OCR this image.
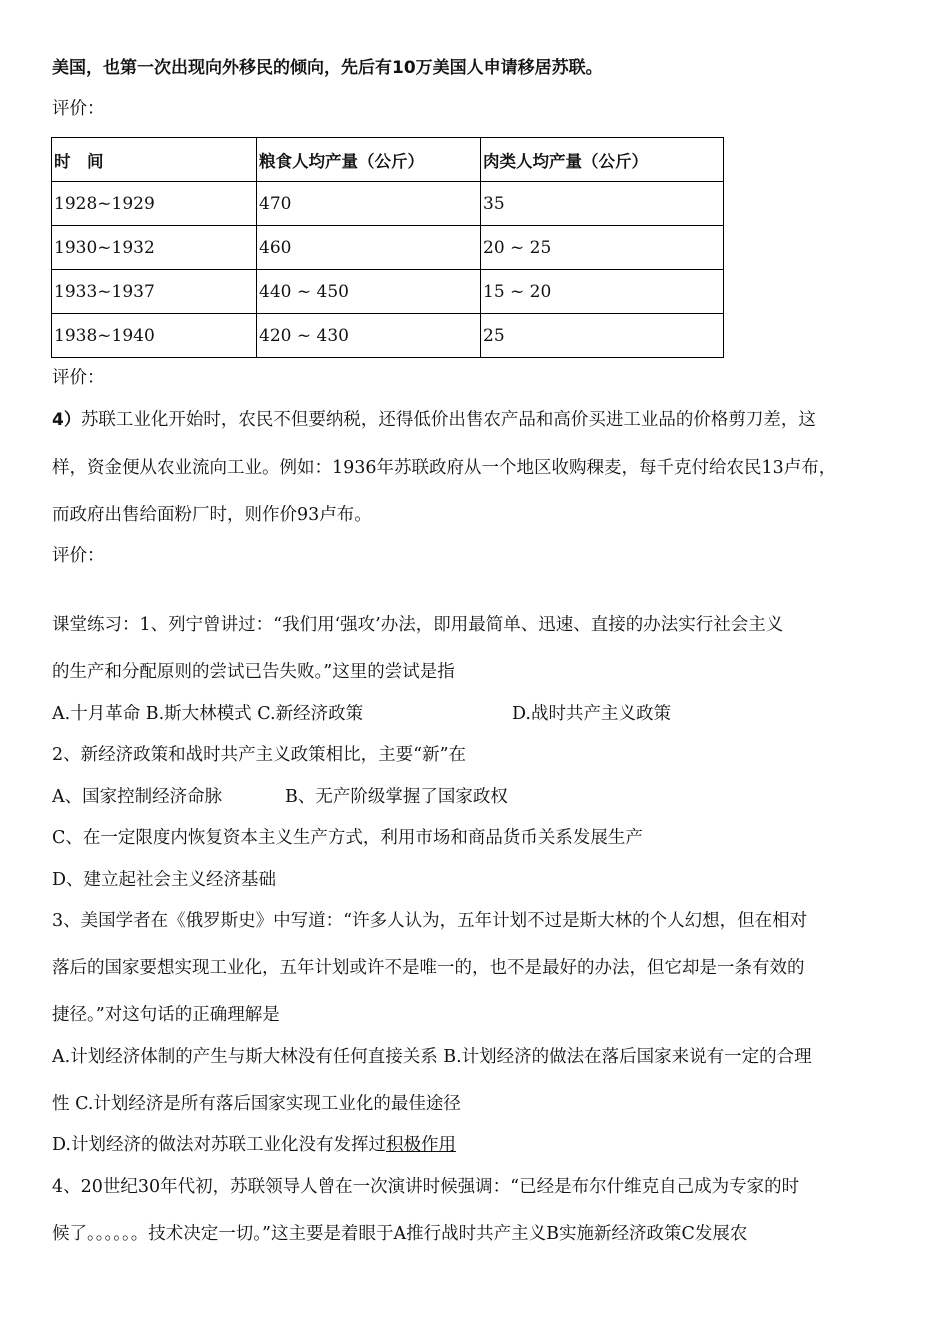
美国，也第一次出现向外移民的倾向，先后有10万美国人申请移居苏联。
评价：
时　间	粮食人均产量（公斤）	肉类人均产量（公斤）
1928~1929	470	35
1930~1932	460	20 ~ 25
1933~1937	440 ~ 450	15 ~ 20
1938~1940	420 ~ 430	25
评价：
4）苏联工业化开始时，农民不但要纳税，还得低价出售农产品和高价买进工业品的价格剪刀差，这
样，资金便从农业流向工业。例如：1936年苏联政府从一个地区收购稞麦，每千克付给农民13卢布，
而政府出售给面粉厂时，则作价93卢布。
评价：
课堂练习：1、列宁曾讲过：“我们用‘强攻’办法，即用最简单、迅速、直接的办法实行社会主义
的生产和分配原则的尝试已告失败。”这里的尝试是指
A.十月革命 B.斯大林模式 C.新经济政策	D.战时共产主义政策
2、新经济政策和战时共产主义政策相比，主要“新”在
A、国家控制经济命脉	B、无产阶级掌握了国家政权
C、在一定限度内恢复资本主义生产方式，利用市场和商品货币关系发展生产
D、建立起社会主义经济基础
3、美国学者在《俄罗斯史》中写道：“许多人认为，五年计划不过是斯大林的个人幻想，但在相对
落后的国家要想实现工业化，五年计划或许不是唯一的，也不是最好的办法，但它却是一条有效的
捷径。”对这句话的正确理解是
A.计划经济体制的产生与斯大林没有任何直接关系 B.计划经济的做法在落后国家来说有一定的合理
性 C.计划经济是所有落后国家实现工业化的最佳途径
D.计划经济的做法对苏联工业化没有发挥过积极作用
4、20世纪30年代初，苏联领导人曾在一次演讲时候强调：“已经是布尔什维克自己成为专家的时
候了。。。。。。技术决定一切。”这主要是着眼于A推行战时共产主义B实施新经济政策C发展农
